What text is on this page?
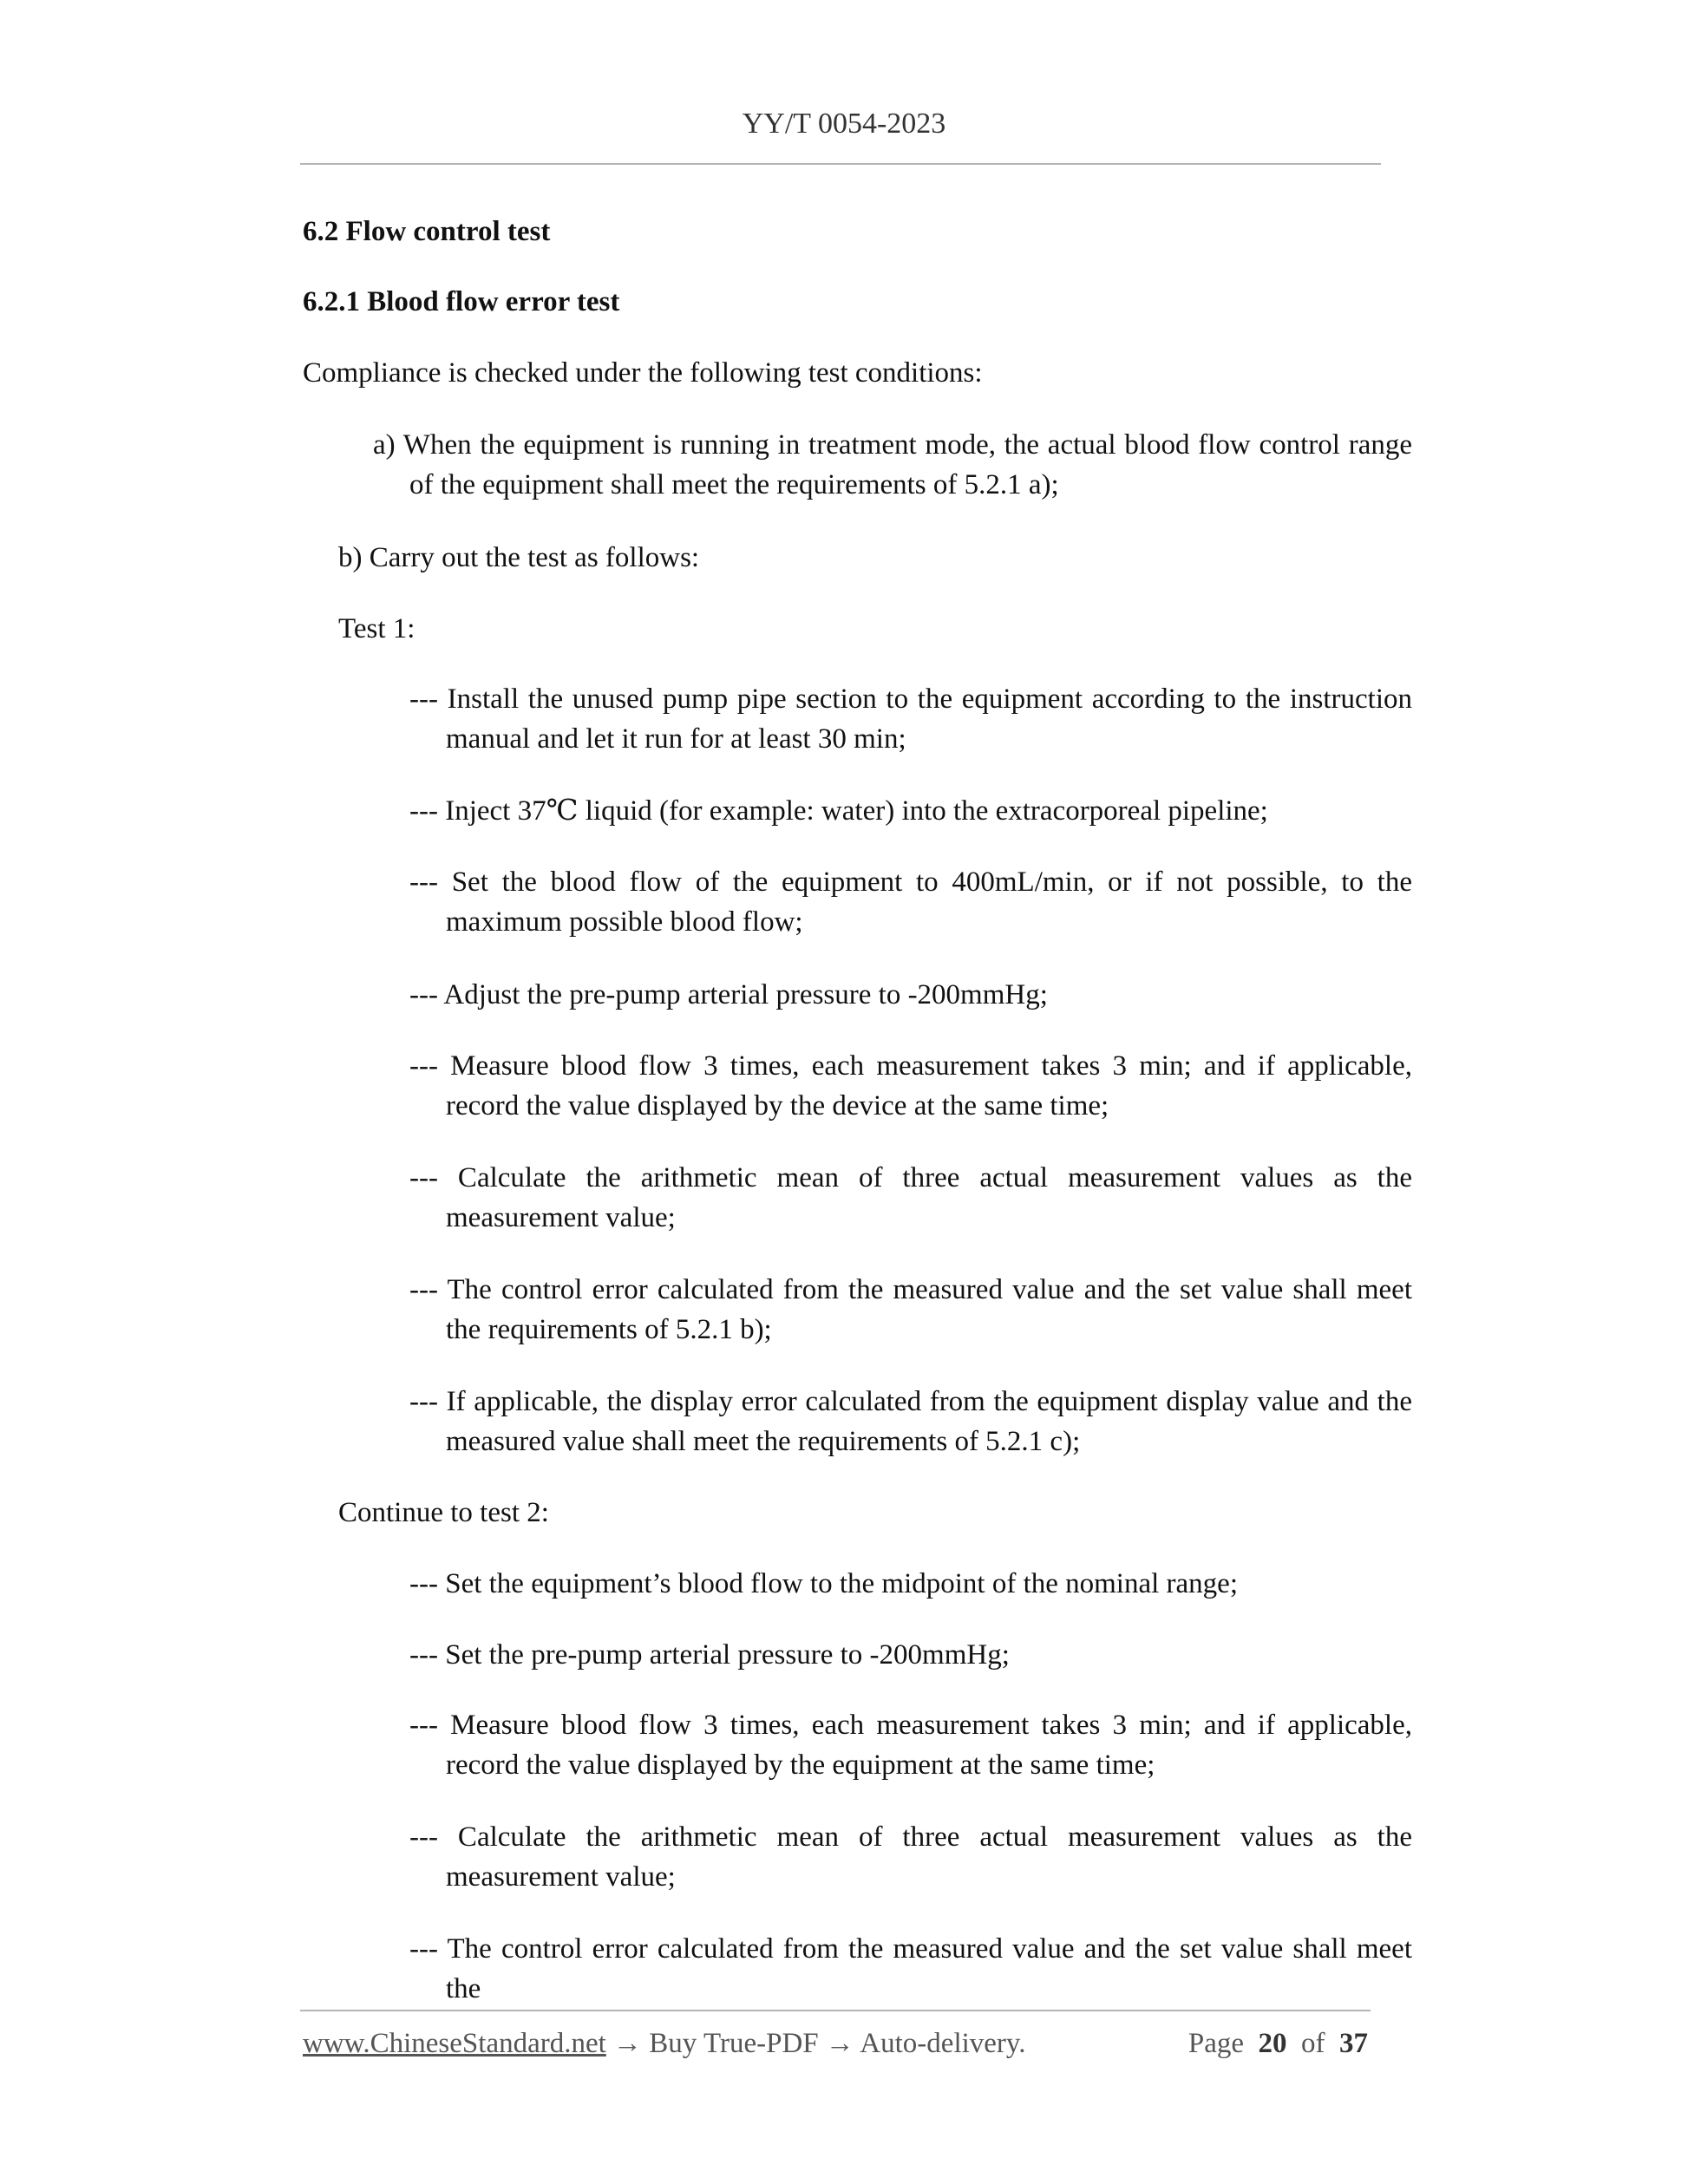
YY/T 0054-2023
6.2 Flow control test
6.2.1 Blood flow error test
Compliance is checked under the following test conditions:
a) When the equipment is running in treatment mode, the actual blood flow control range of the equipment shall meet the requirements of 5.2.1 a);
b) Carry out the test as follows:
Test 1:
--- Install the unused pump pipe section to the equipment according to the instruction manual and let it run for at least 30 min;
--- Inject 37℃ liquid (for example: water) into the extracorporeal pipeline;
--- Set the blood flow of the equipment to 400mL/min, or if not possible, to the maximum possible blood flow;
--- Adjust the pre-pump arterial pressure to -200mmHg;
--- Measure blood flow 3 times, each measurement takes 3 min; and if applicable, record the value displayed by the device at the same time;
--- Calculate the arithmetic mean of three actual measurement values as the measurement value;
--- The control error calculated from the measured value and the set value shall meet the requirements of 5.2.1 b);
--- If applicable, the display error calculated from the equipment display value and the measured value shall meet the requirements of 5.2.1 c);
Continue to test 2:
--- Set the equipment’s blood flow to the midpoint of the nominal range;
--- Set the pre-pump arterial pressure to -200mmHg;
--- Measure blood flow 3 times, each measurement takes 3 min; and if applicable, record the value displayed by the equipment at the same time;
--- Calculate the arithmetic mean of three actual measurement values as the measurement value;
--- The control error calculated from the measured value and the set value shall meet the
www.ChineseStandard.net → Buy True-PDF → Auto-delivery.	Page 20 of 37
